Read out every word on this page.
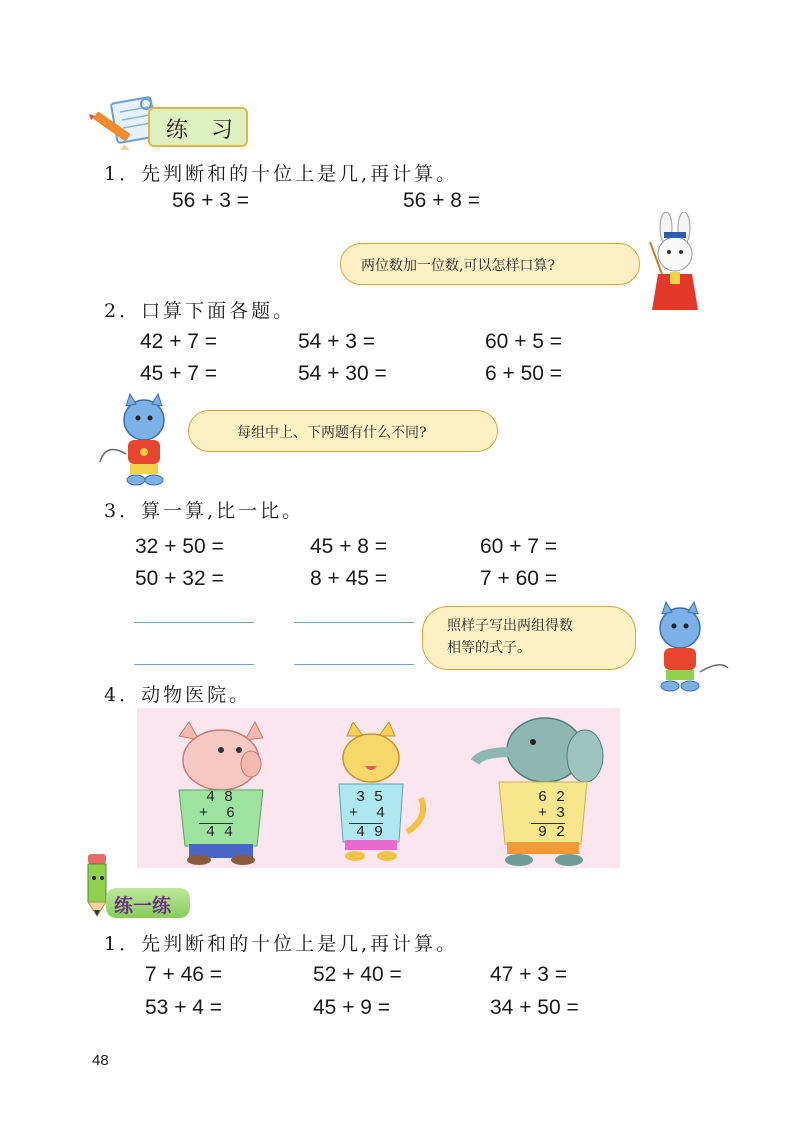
练 习
1．先判断和的十位上是几,再计算。
56 + 3 =	56 + 8 =
两位数加一位数,可以怎样口算?
2．口算下面各题。
42 + 7 =	54 + 3 =	60 + 5 =
45 + 7 =	54 + 30 =	6 + 50 =
每组中上、下两题有什么不同?
3．算一算,比一比。
32 + 50 =	45 + 8 =	60 + 7 =
50 + 32 =	8 + 45 =	7 + 60 =
照样子写出两组得数
相等的式子。
4．动物医院。
4 8
+  6
4 4
3 5
+  4
4 9
6 2
+ 3
9 2
练一练
1．先判断和的十位上是几,再计算。
7 + 46 =	52 + 40 =	47 + 3 =
53 + 4 =	45 + 9 =	34 + 50 =
48
